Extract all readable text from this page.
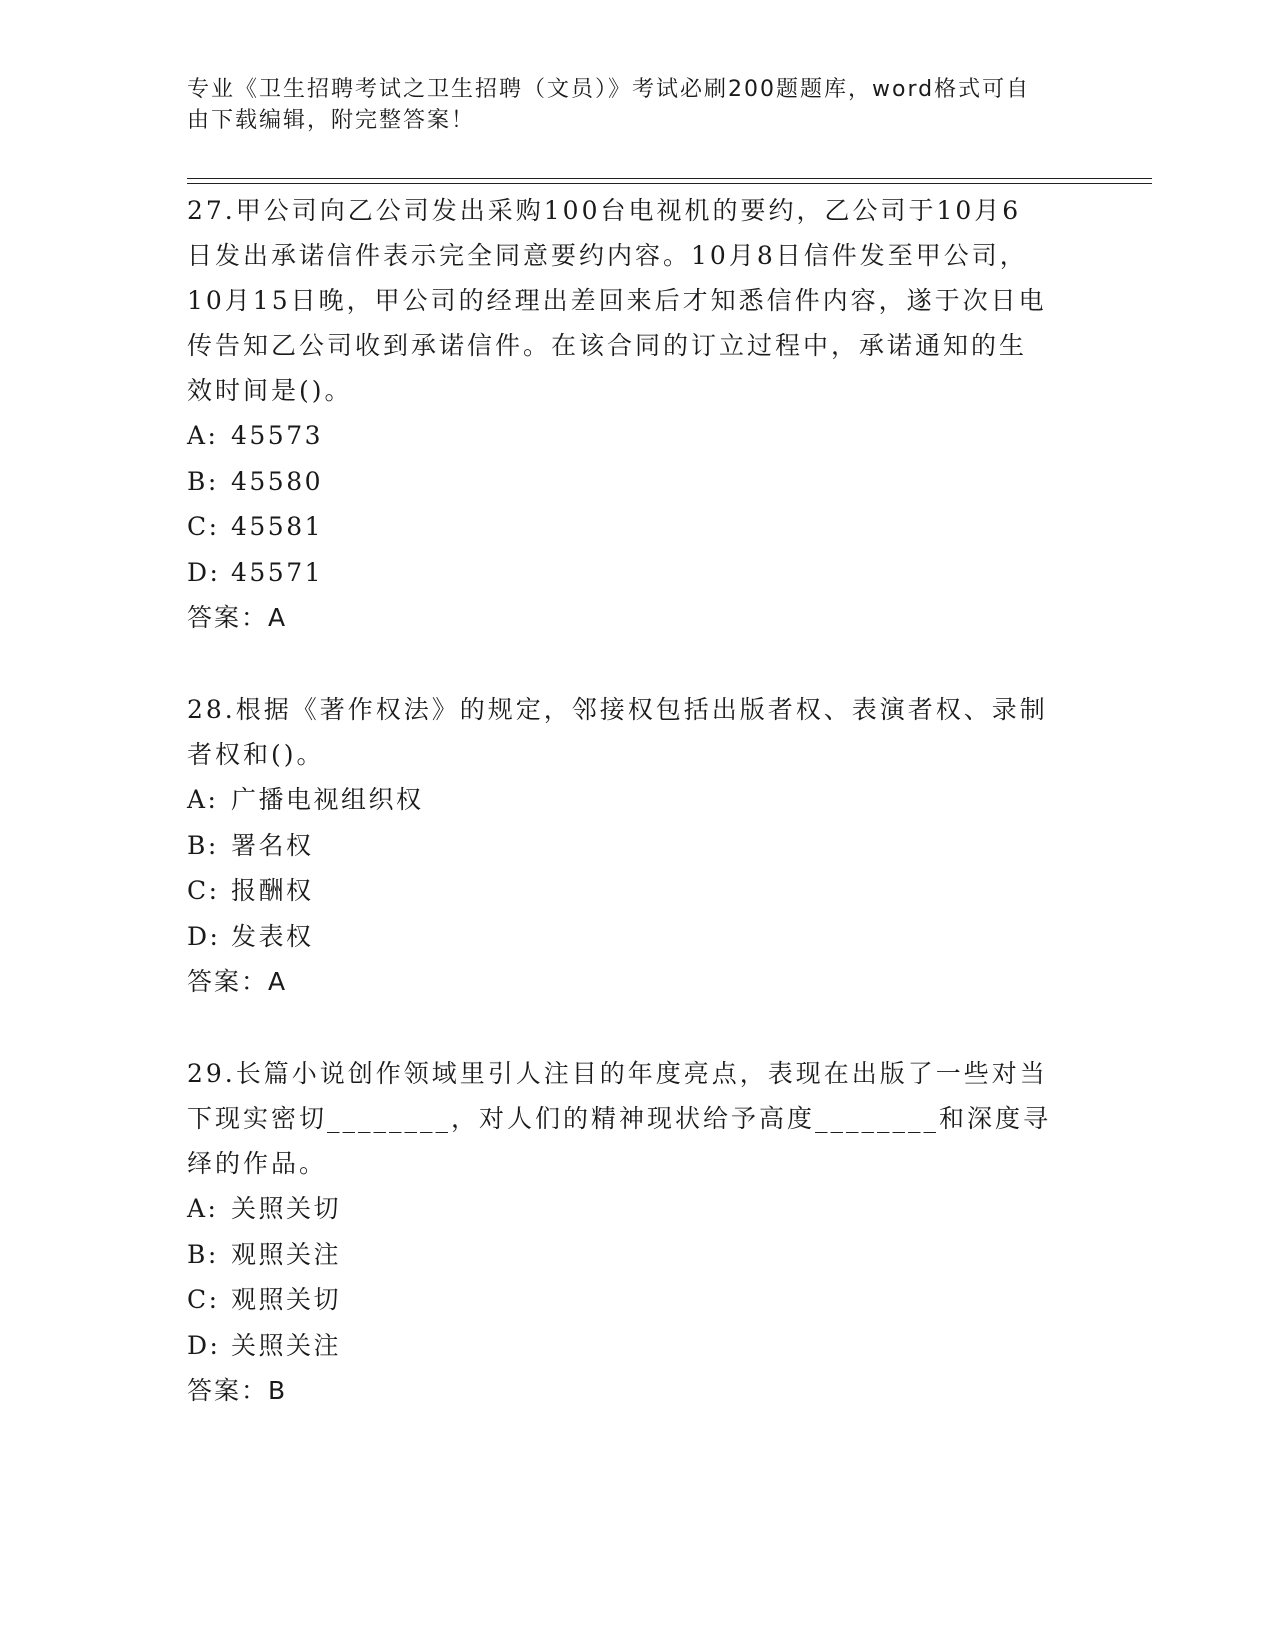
专业《卫生招聘考试之卫生招聘（文员）》考试必刷200题题库，word格式可自
由下载编辑，附完整答案！

27.甲公司向乙公司发出采购100台电视机的要约，乙公司于10月6

日发出承诺信件表示完全同意要约内容。10月8日信件发至甲公司，

10月15日晚，甲公司的经理出差回来后才知悉信件内容，遂于次日电

传告知乙公司收到承诺信件。在该合同的订立过程中，承诺通知的生

效时间是()。

A: 45573

B: 45580

C: 45581

D: 45571

答案：A

28.根据《著作权法》的规定，邻接权包括出版者权、表演者权、录制

者权和()。

A: 广播电视组织权

B: 署名权

C: 报酬权

D: 发表权

答案：A

29.长篇小说创作领域里引人注目的年度亮点，表现在出版了一些对当

下现实密切________，对人们的精神现状给予高度________和深度寻

绎的作品。

A: 关照关切

B: 观照关注

C: 观照关切

D: 关照关注

答案：B
